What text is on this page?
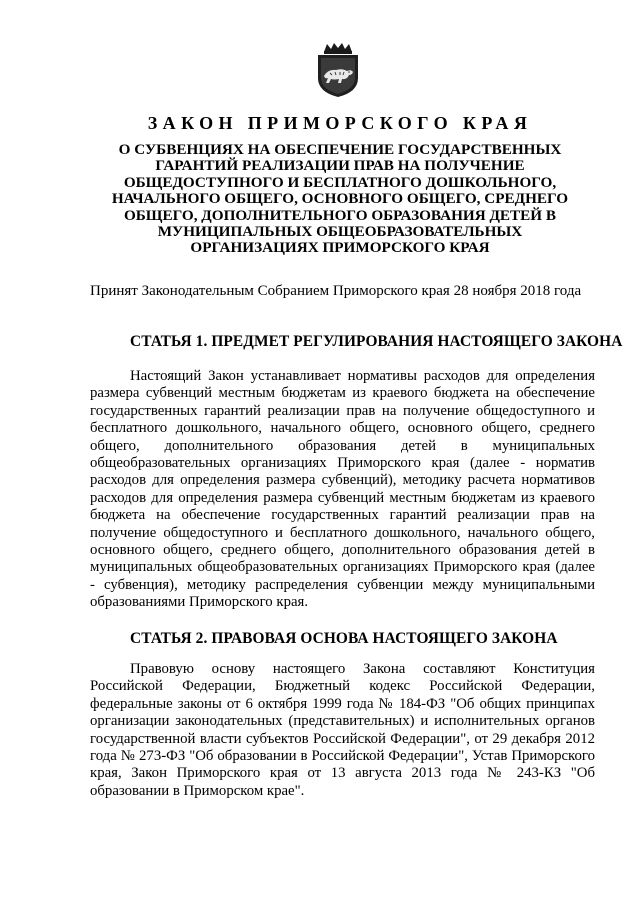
ЗАКОН ПРИМОРСКОГО КРАЯ
О СУБВЕНЦИЯХ НА ОБЕСПЕЧЕНИЕ ГОСУДАРСТВЕННЫХ ГАРАНТИЙ РЕАЛИЗАЦИИ ПРАВ НА ПОЛУЧЕНИЕ ОБЩЕДОСТУПНОГО И БЕСПЛАТНОГО ДОШКОЛЬНОГО, НАЧАЛЬНОГО ОБЩЕГО, ОСНОВНОГО ОБЩЕГО, СРЕДНЕГО ОБЩЕГО, ДОПОЛНИТЕЛЬНОГО ОБРАЗОВАНИЯ ДЕТЕЙ В МУНИЦИПАЛЬНЫХ ОБЩЕОБРАЗОВАТЕЛЬНЫХ ОРГАНИЗАЦИЯХ ПРИМОРСКОГО КРАЯ

Принят Законодательным Собранием Приморского края 28 ноября 2018 года

СТАТЬЯ 1. ПРЕДМЕТ РЕГУЛИРОВАНИЯ НАСТОЯЩЕГО ЗАКОНА

Настоящий Закон устанавливает нормативы расходов для определения размера субвенций местным бюджетам из краевого бюджета на обеспечение государственных гарантий реализации прав на получение общедоступного и бесплатного дошкольного, начального общего, основного общего, среднего общего, дополнительного образования детей в муниципальных общеобразовательных организациях Приморского края (далее - норматив расходов для определения размера субвенций), методику расчета нормативов расходов для определения размера субвенций местным бюджетам из краевого бюджета на обеспечение государственных гарантий реализации прав на получение общедоступного и бесплатного дошкольного, начального общего, основного общего, среднего общего, дополнительного образования детей в муниципальных общеобразовательных организациях Приморского края (далее - субвенция), методику распределения субвенции между муниципальными образованиями Приморского края.

СТАТЬЯ 2. ПРАВОВАЯ ОСНОВА НАСТОЯЩЕГО ЗАКОНА

Правовую основу настоящего Закона составляют Конституция Российской Федерации, Бюджетный кодекс Российской Федерации, федеральные законы от 6 октября 1999 года № 184-ФЗ "Об общих принципах организации законодательных (представительных) и исполнительных органов государственной власти субъектов Российской Федерации", от 29 декабря 2012 года № 273-ФЗ "Об образовании в Российской Федерации", Устав Приморского края, Закон Приморского края от 13 августа 2013 года № 243-КЗ "Об образовании в Приморском крае".
